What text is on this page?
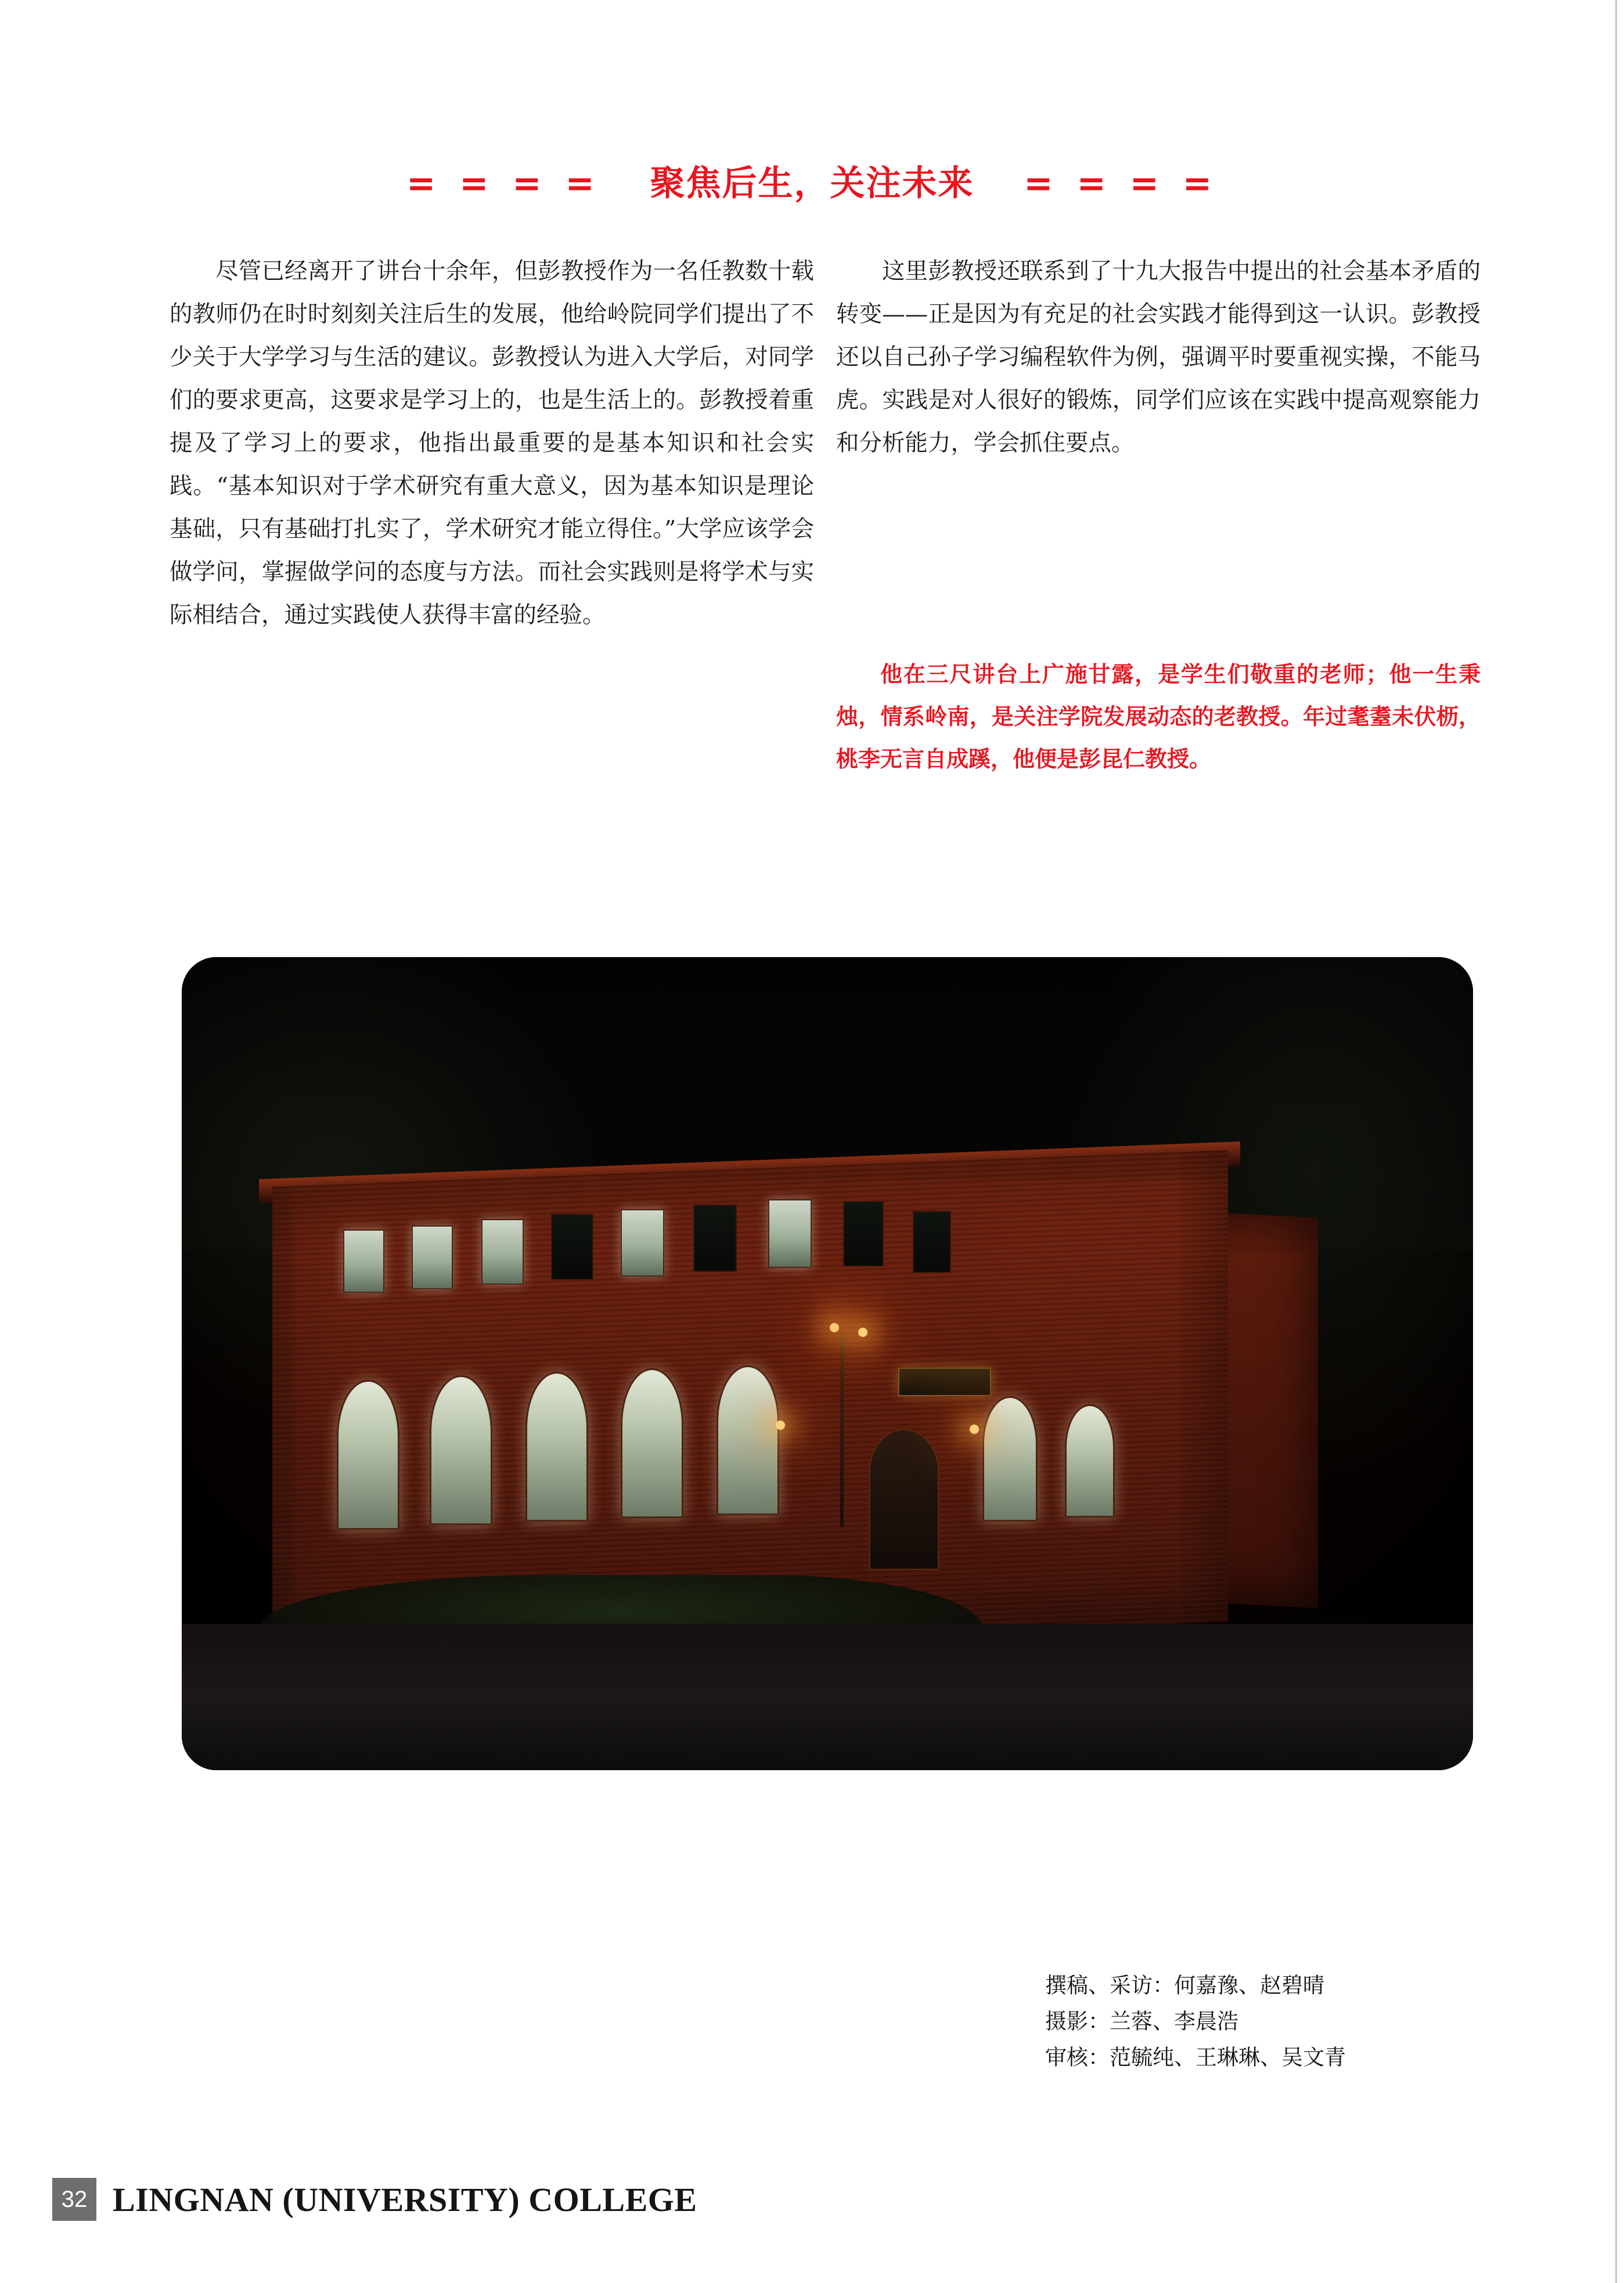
= = = = 聚焦后生，关注未来 = = = =

尽管已经离开了讲台十余年，但彭教授作为一名任教数十载的教师仍在时时刻刻关注后生的发展，他给岭院同学们提出了不少关于大学学习与生活的建议。彭教授认为进入大学后，对同学们的要求更高，这要求是学习上的，也是生活上的。彭教授着重提及了学习上的要求，他指出最重要的是基本知识和社会实践。“基本知识对于学术研究有重大意义，因为基本知识是理论基础，只有基础打扎实了，学术研究才能立得住。”大学应该学会做学问，掌握做学问的态度与方法。而社会实践则是将学术与实际相结合，通过实践使人获得丰富的经验。

这里彭教授还联系到了十九大报告中提出的社会基本矛盾的转变——正是因为有充足的社会实践才能得到这一认识。彭教授还以自己孙子学习编程软件为例，强调平时要重视实操，不能马虎。实践是对人很好的锻炼，同学们应该在实践中提高观察能力和分析能力，学会抓住要点。

他在三尺讲台上广施甘露，是学生们敬重的老师；他一生秉烛，情系岭南，是关注学院发展动态的老教授。年过耄耋未伏枥，桃李无言自成蹊，他便是彭昆仁教授。

撰稿、采访：何嘉豫、赵碧晴
摄影：兰蓉、李晨浩
审核：范毓纯、王琳琳、吴文青
32 LINGNAN (UNIVERSITY) COLLEGE
